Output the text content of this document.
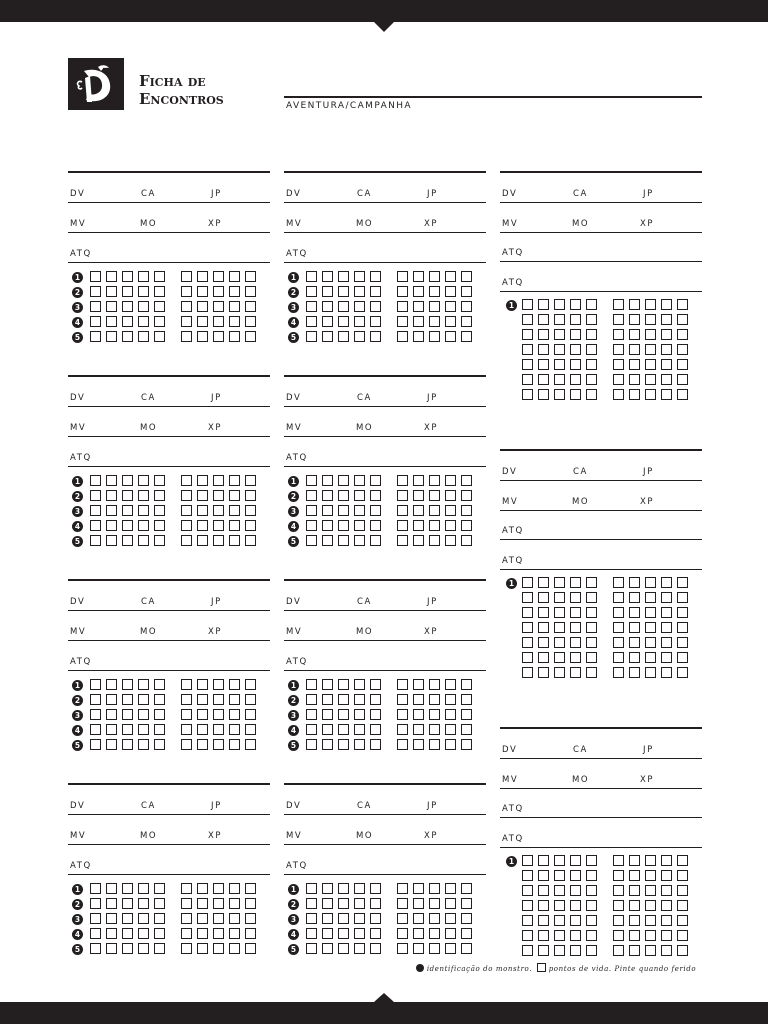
Ficha de
Encontros	AVENTURA/CAMPANHA
DV	CA	JP
MV	MO	XP
ATQ
1
2
3
4
5
DV	CA	JP
MV	MO	XP
ATQ
1
2
3
4
5
DV	CA	JP
MV	MO	XP
ATQ
1
2
3
4
5
DV	CA	JP
MV	MO	XP
ATQ
1
2
3
4
5
DV	CA	JP
MV	MO	XP
ATQ
1
2
3
4
5
DV	CA	JP
MV	MO	XP
ATQ
1
2
3
4
5
DV	CA	JP
MV	MO	XP
ATQ
1
2
3
4
5
DV	CA	JP
MV	MO	XP
ATQ
1
2
3
4
5
DV	CA	JP
MV	MO	XP
ATQ
ATQ
1
DV	CA	JP
MV	MO	XP
ATQ
ATQ
1
DV	CA	JP
MV	MO	XP
ATQ
ATQ
1
identificação do monstro. pontos de vida. Pinte quando ferido
